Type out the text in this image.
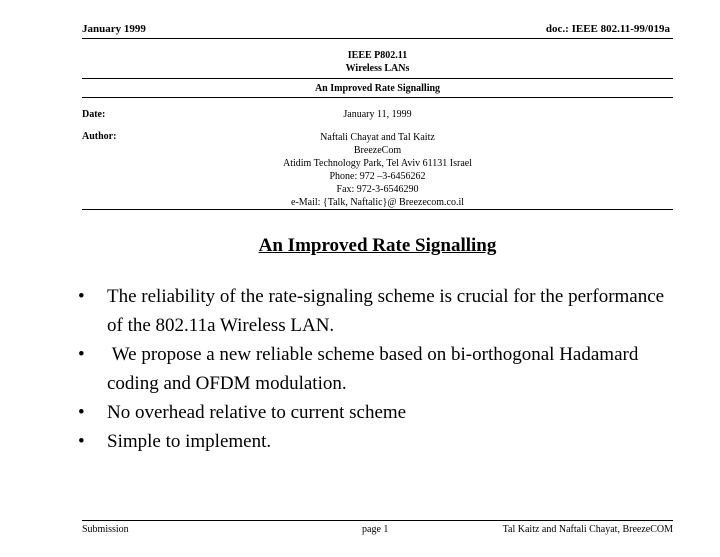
January 1999	doc.: IEEE 802.11-99/019a
IEEE P802.11
Wireless LANs
An Improved Rate Signalling
Date:	January 11, 1999
Author:	Naftali Chayat and Tal Kaitz
BreezeCom
Atidim Technology Park, Tel Aviv 61131 Israel
Phone: 972 –3-6456262
Fax: 972-3-6546290
e-Mail: {Talk, Naftalic}@ Breezecom.co.il
An Improved Rate Signalling
• The reliability of the rate-signaling scheme is crucial for the performance of the 802.11a Wireless LAN.
• We propose a new reliable scheme based on bi-orthogonal Hadamard coding and OFDM modulation.
• No overhead relative to current scheme
• Simple to implement.
Submission	page 1	Tal Kaitz and Naftali Chayat, BreezeCOM
